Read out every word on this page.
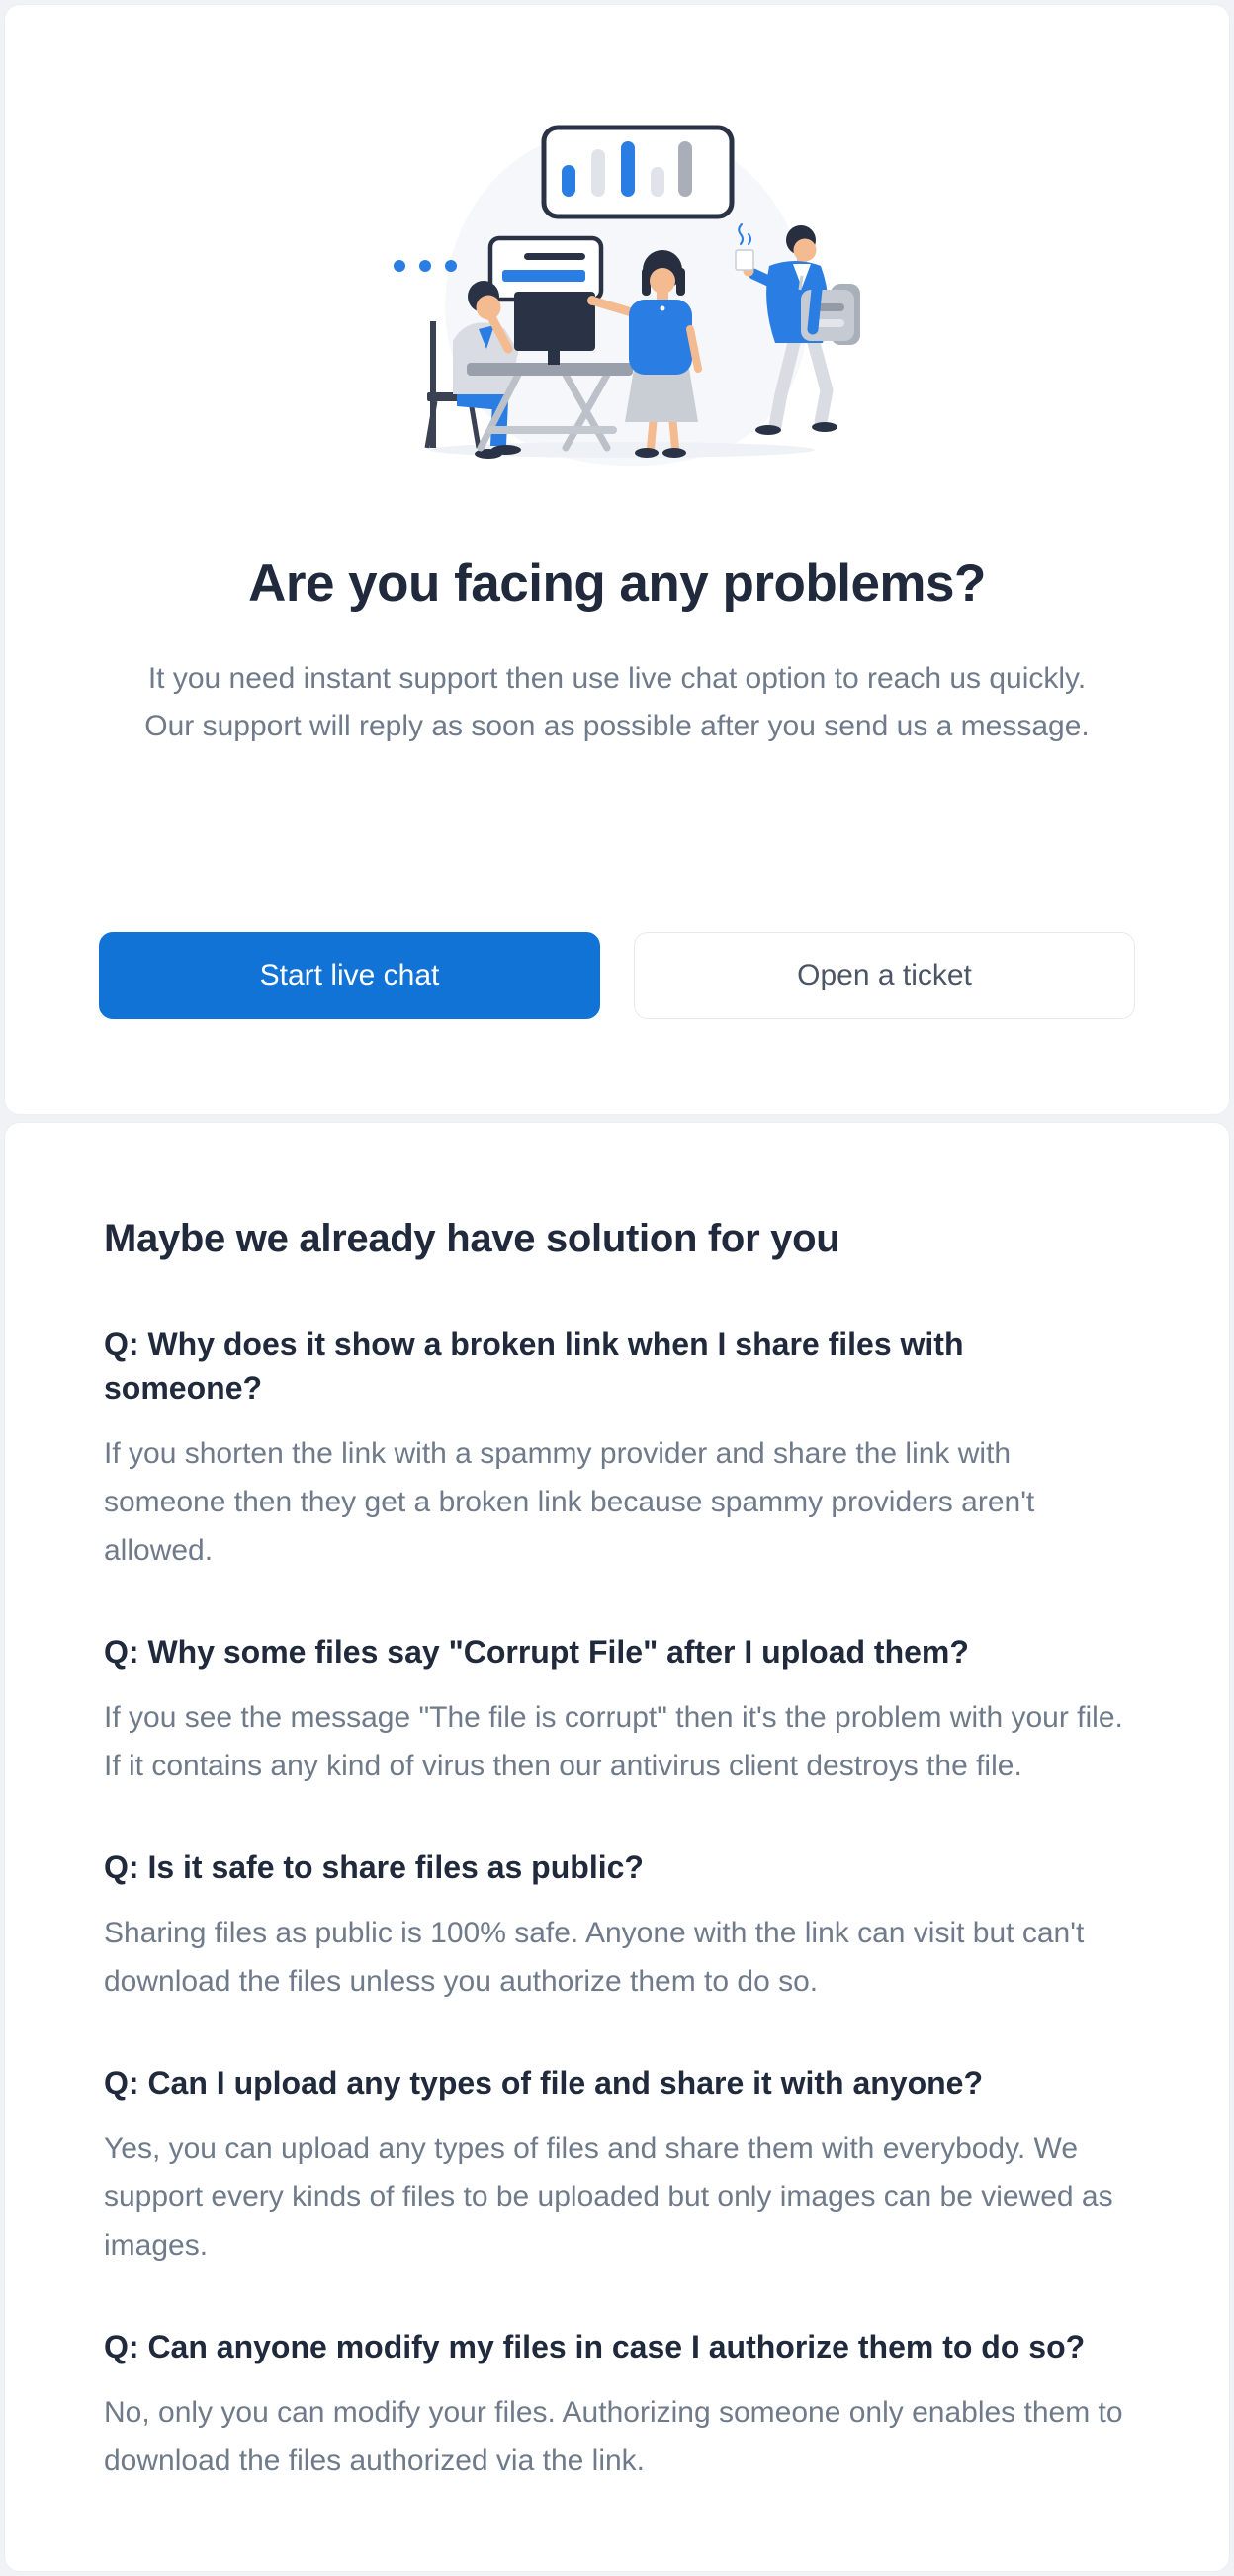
Are you facing any problems?

It you need instant support then use live chat option to reach us quickly.
Our support will reply as soon as possible after you send us a message.

Start live chat	Open a ticket
Maybe we already have solution for you
Q: Why does it show a broken link when I share files with someone?

If you shorten the link with a spammy provider and share the link with someone then they get a broken link because spammy providers aren't allowed.

Q: Why some files say "Corrupt File" after I upload them?

If you see the message "The file is corrupt" then it's the problem with your file. If it contains any kind of virus then our antivirus client destroys the file.

Q: Is it safe to share files as public?

Sharing files as public is 100% safe. Anyone with the link can visit but can't download the files unless you authorize them to do so.

Q: Can I upload any types of file and share it with anyone?

Yes, you can upload any types of files and share them with everybody. We support every kinds of files to be uploaded but only images can be viewed as images.

Q: Can anyone modify my files in case I authorize them to do so?

No, only you can modify your files. Authorizing someone only enables them to download the files authorized via the link.
